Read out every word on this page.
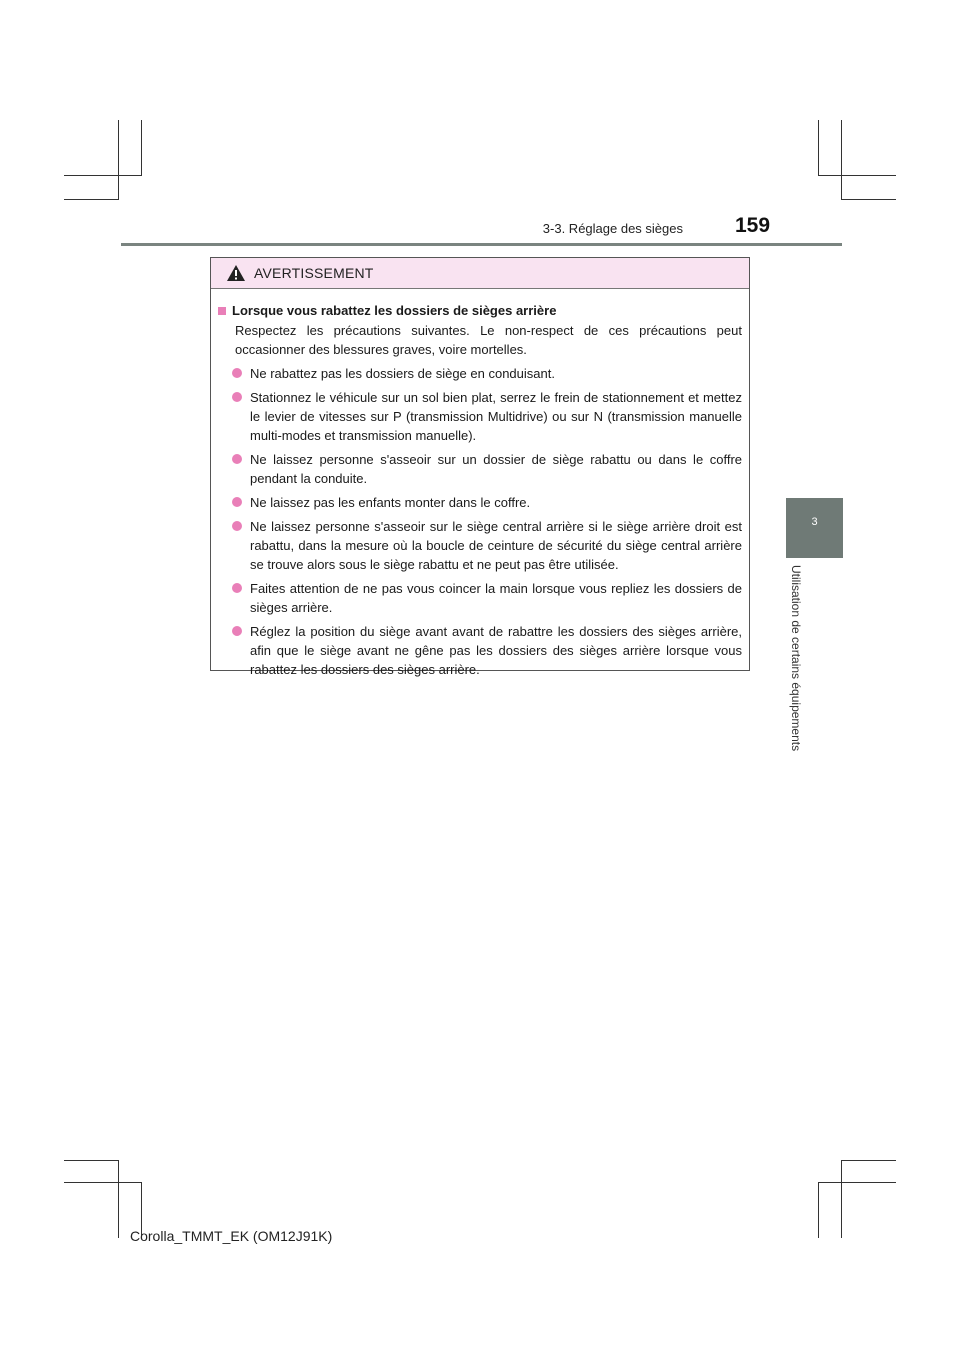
3-3. Réglage des sièges 159
3
Utilisation de certains équipements
AVERTISSEMENT
Lorsque vous rabattez les dossiers de sièges arrière
Respectez les précautions suivantes. Le non-respect de ces précautions peut occasionner des blessures graves, voire mortelles.
Ne rabattez pas les dossiers de siège en conduisant.
Stationnez le véhicule sur un sol bien plat, serrez le frein de stationnement et mettez le levier de vitesses sur P (transmission Multidrive) ou sur N (transmission manuelle multi-modes et transmission manuelle).
Ne laissez personne s'asseoir sur un dossier de siège rabattu ou dans le coffre pendant la conduite.
Ne laissez pas les enfants monter dans le coffre.
Ne laissez personne s'asseoir sur le siège central arrière si le siège arrière droit est rabattu, dans la mesure où la boucle de ceinture de sécurité du siège central arrière se trouve alors sous le siège rabattu et ne peut pas être utilisée.
Faites attention de ne pas vous coincer la main lorsque vous repliez les dossiers de sièges arrière.
Réglez la position du siège avant avant de rabattre les dossiers des sièges arrière, afin que le siège avant ne gêne pas les dossiers des sièges arrière lorsque vous rabattez les dossiers des sièges arrière.
Corolla_TMMT_EK (OM12J91K)
